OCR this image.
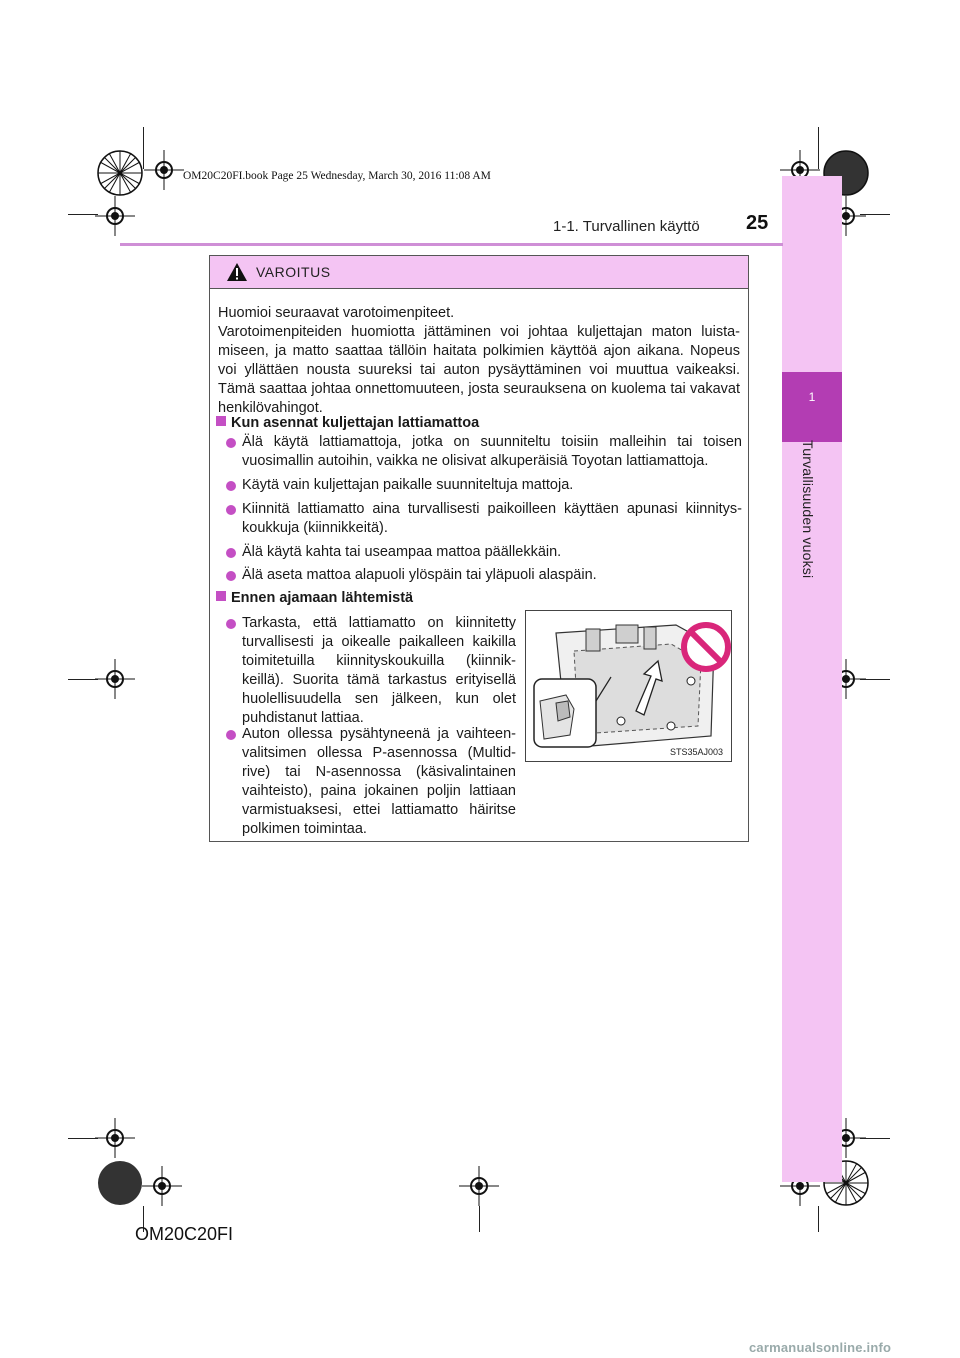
OM20C20FI.book Page 25 Wednesday, March 30, 2016 11:08 AM
1
Turvallisuuden vuoksi
1-1. Turvallinen käyttö 25
VAROITUS
Huomioi seuraavat varotoimenpiteet.
Varotoimenpiteiden huomiotta jättäminen voi johtaa kuljettajan maton luista-miseen, ja matto saattaa tällöin haitata polkimien käyttöä ajon aikana. Nopeus voi yllättäen nousta suureksi tai auton pysäyttäminen voi muuttua vaikeaksi. Tämä saattaa johtaa onnettomuuteen, josta seurauksena on kuolema tai vakavat henkilövahingot.
Kun asennat kuljettajan lattiamattoa
Älä käytä lattiamattoja, jotka on suunniteltu toisiin malleihin tai toisen vuosimallin autoihin, vaikka ne olisivat alkuperäisiä Toyotan lattiamattoja.
Käytä vain kuljettajan paikalle suunniteltuja mattoja.
Kiinnitä lattiamatto aina turvallisesti paikoilleen käyttäen apunasi kiinnitys-koukkuja (kiinnikkeitä).
Älä käytä kahta tai useampaa mattoa päällekkäin.
Älä aseta mattoa alapuoli ylöspäin tai yläpuoli alaspäin.
Ennen ajamaan lähtemistä
Tarkasta, että lattiamatto on kiinnitetty turvallisesti ja oikealle paikalleen kaikilla toimitetuilla kiinnityskoukuilla (kiinnik-keillä). Suorita tämä tarkastus erityisellä huolellisuudella sen jälkeen, kun olet puhdistanut lattiaa.
Auton ollessa pysähtyneenä ja vaihteen-valitsimen ollessa P-asennossa (Multid-rive) tai N-asennossa (käsivalintainen vaihteisto), paina jokainen poljin lattiaan varmistuaksesi, ettei lattiamatto häiritse polkimen toimintaa.
STS35AJ003
OM20C20FI
carmanualsonline.info
